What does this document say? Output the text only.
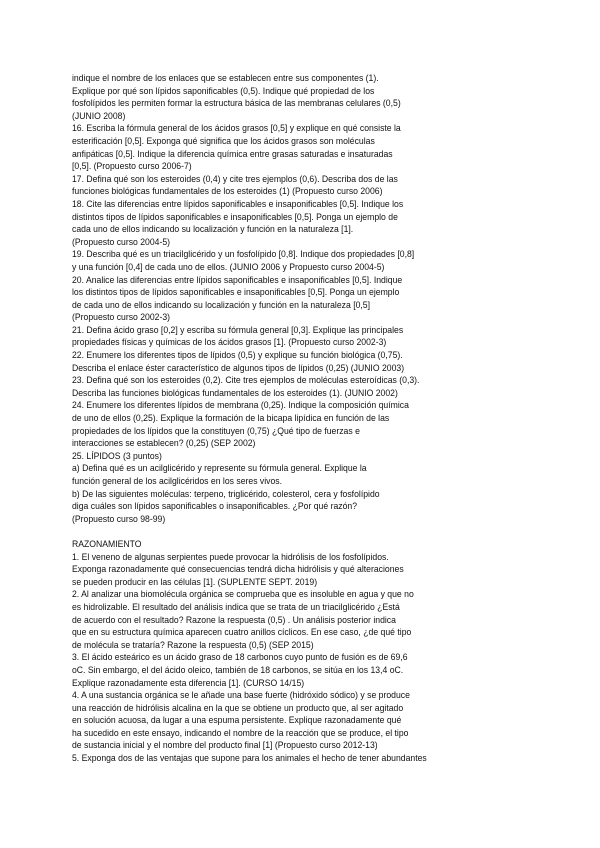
indique el nombre de los enlaces que se establecen entre sus componentes (1).
Explique por qué son lípidos saponificables (0,5). Indique qué propiedad de los
fosfolípidos les permiten formar la estructura básica de las membranas celulares (0,5)
(JUNIO 2008)
16. Escriba la fórmula general de los ácidos grasos [0,5] y explique en qué consiste la
esterificación [0,5]. Exponga qué significa que los ácidos grasos son moléculas
anfipáticas [0,5]. Indique la diferencia química entre grasas saturadas e insaturadas
[0,5]. (Propuesto curso 2006-7)
17. Defina qué son los esteroides (0,4) y cite tres ejemplos (0,6). Describa dos de las
funciones biológicas fundamentales de los esteroides (1) (Propuesto curso 2006)
18. Cite las diferencias entre lípidos saponificables e insaponificables [0,5]. Indique los
distintos tipos de lípidos saponificables e insaponificables [0,5]. Ponga un ejemplo de
cada uno de ellos indicando su localización y función en la naturaleza [1].
(Propuesto curso 2004-5)
19. Describa qué es un triacilglicérido y un fosfolípido [0,8]. Indique dos propiedades [0,8]
y una función [0,4] de cada uno de ellos. (JUNIO 2006 y Propuesto curso 2004-5)
20. Analice las diferencias entre lípidos saponificables e insaponificables [0,5]. Indique
los distintos tipos de lípidos saponificables e insaponificables [0,5]. Ponga un ejemplo
de cada uno de ellos indicando su localización y función en la naturaleza [0,5]
(Propuesto curso 2002-3)
21. Defina ácido graso [0,2] y escriba su fórmula general [0,3]. Explique las principales
propiedades físicas y químicas de los ácidos grasos [1]. (Propuesto curso 2002-3)
22. Enumere los diferentes tipos de lípidos (0,5) y explique su función biológica (0,75).
Describa el enlace éster característico de algunos tipos de lípidos (0,25) (JUNIO 2003)
23. Defina qué son los esteroides (0,2). Cite tres ejemplos de moléculas esteroídicas (0,3).
Describa las funciones biológicas fundamentales de los esteroides (1). (JUNIO 2002)
24. Enumere los diferentes lípidos de membrana (0,25). Indique la composición química
de uno de ellos (0,25). Explique la formación de la bicapa lipídica en función de las
propiedades de los lípidos que la constituyen (0,75) ¿Qué tipo de fuerzas e
interacciones se establecen? (0,25) (SEP 2002)
25. LÍPIDOS (3 puntos)
a) Defina qué es un acilglicérido y represente su fórmula general. Explique la
función general de los acilglicéridos en los seres vivos.
b) De las siguientes moléculas: terpeno, triglicérido, colesterol, cera y fosfolípido
diga cuáles son lípidos saponificables o insaponificables. ¿Por qué razón?
(Propuesto curso 98-99)
RAZONAMIENTO
1. El veneno de algunas serpientes puede provocar la hidrólisis de los fosfolípidos.
Exponga razonadamente qué consecuencias tendrá dicha hidrólisis y qué alteraciones
se pueden producir en las células [1]. (SUPLENTE SEPT. 2019)
2. Al analizar una biomolécula orgánica se comprueba que es insoluble en agua y que no
es hidrolizable. El resultado del análisis indica que se trata de un triacilglicérido ¿Está
de acuerdo con el resultado? Razone la respuesta (0,5) . Un análisis posterior indica
que en su estructura química aparecen cuatro anillos cíclicos. En ese caso, ¿de qué tipo
de molécula se trataría? Razone la respuesta (0,5) (SEP 2015)
3. El ácido esteárico es un ácido graso de 18 carbonos cuyo punto de fusión es de 69,6
oC. Sin embargo, el del ácido oleico, también de 18 carbonos, se sitúa en los 13,4 oC.
Explique razonadamente esta diferencia [1]. (CURSO 14/15)
4. A una sustancia orgánica se le añade una base fuerte (hidróxido sódico) y se produce
una reacción de hidrólisis alcalina en la que se obtiene un producto que, al ser agitado
en solución acuosa, da lugar a una espuma persistente. Explique razonadamente qué
ha sucedido en este ensayo, indicando el nombre de la reacción que se produce, el tipo
de sustancia inicial y el nombre del producto final [1] (Propuesto curso 2012-13)
5. Exponga dos de las ventajas que supone para los animales el hecho de tener abundantes
